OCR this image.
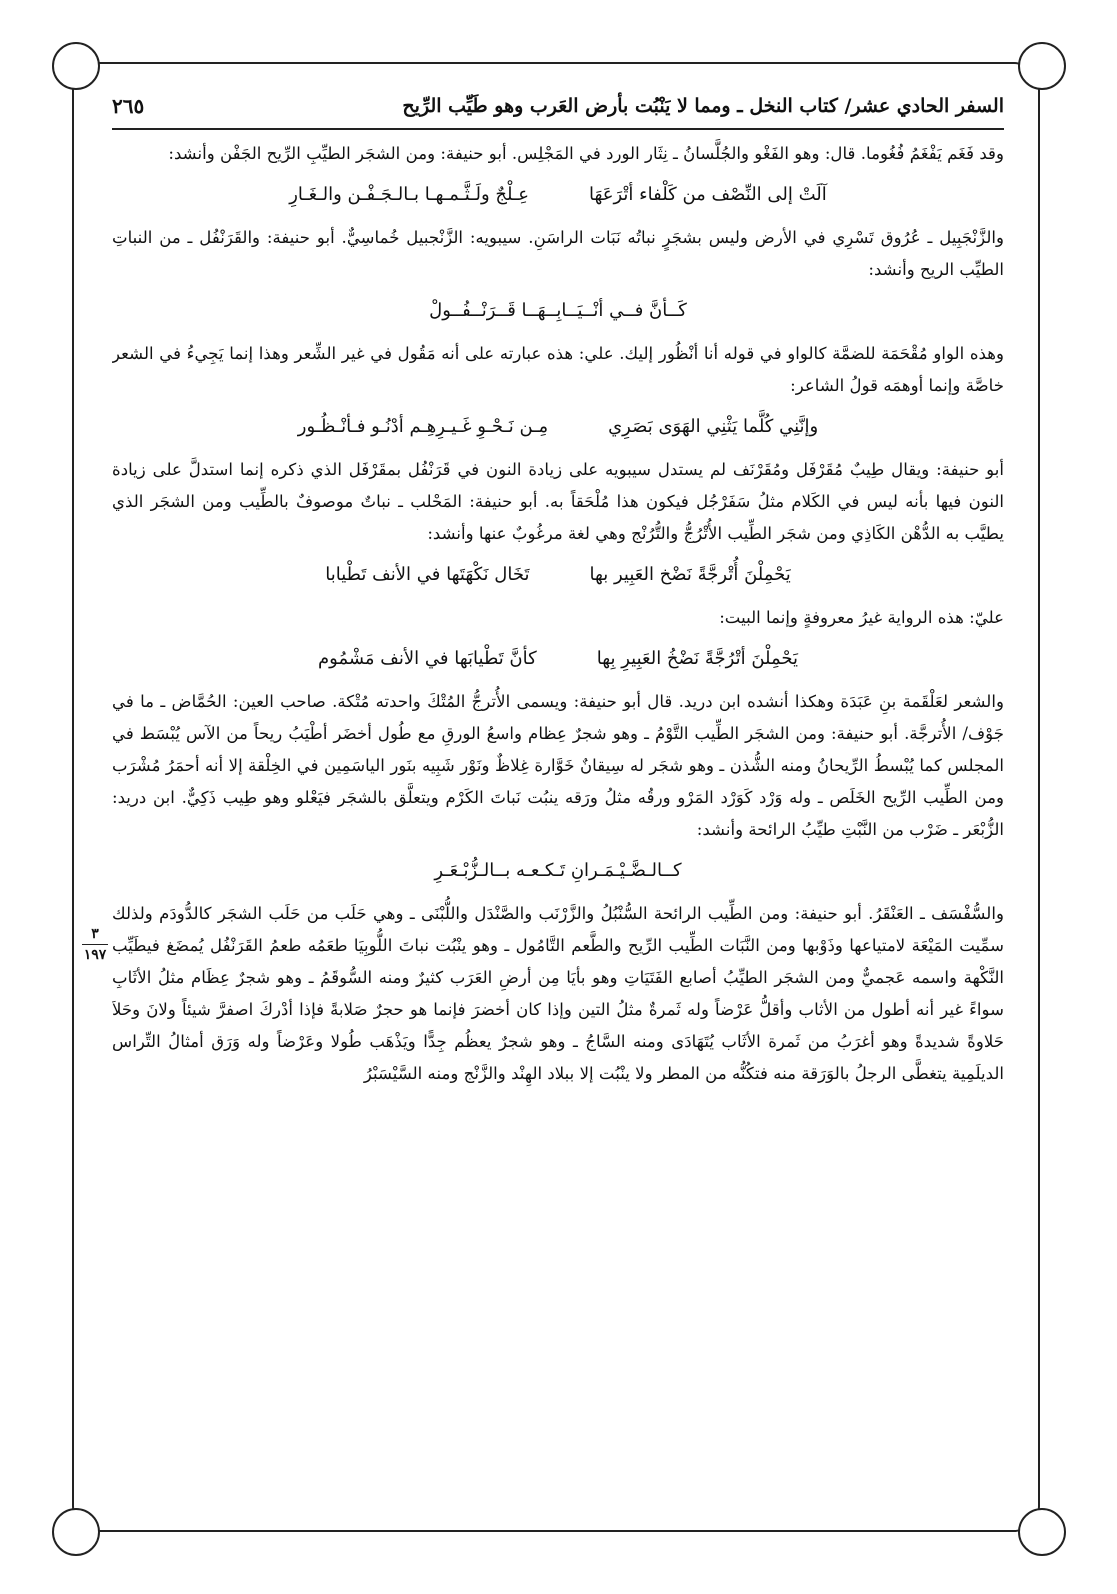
السفر الحادي عشر/ كتاب النخل ـ ومما لا يَنْبُت بأرض العَرب وهو طَيِّب الرِّيح
٢٦٥
٣
١٩٧

وقد فَغَم يَفْغَمُ فُغُوما. قال: وهو الفَغْو والجُلَّسانُ ـ نِثَار الورد في المَجْلِس. أبو حنيفة: ومن الشجَر الطيِّبِ الرِّيح الجَفْن وأنشد:

آلَتْ إلى النِّصْف من كَلْفاء أتْرَعَهَا
عِـلْجٌ ولَـثَّـمـهـا بـالـجَـفْـن والـغَـارِ

والزَّنْجَبِيل ـ عُرُوق تَسْرِي في الأرض وليس بشجَرٍ نباتُه نَبَات الراسَنِ. سيبويه: الزَّنْجبيل خُماسِيٌّ. أبو حنيفة: والقَرَنْفُل ـ من النباتِ الطيِّب الريح وأنشد:

كَــأنَّ فــي أنْــيَــابِــهَــا قَــرَنْــفُــولْ

وهذه الواو مُقْحَمَة للضمَّة كالواو في قوله أنا أنْظُور إليك. علي: هذه عبارته على أنه مَقُول في غير الشِّعر وهذا إنما يَجِيءُ في الشعر خاصَّة وإنما أوهمَه قولُ الشاعر:

وإنَّنِي كُلَّما يَثْنِي الهَوَى بَصَرِي
مِـن نَـحْـوِ غَـيـرِهِـم أدْنُـو فـأنْـظُـور

أبو حنيفة: ويقال طِيبٌ مُقَرْفَل ومُقَرْنَف لم يستدل سيبويه على زيادة النون في قَرَنْفُل بمقَرْفَل الذي ذكره إنما استدلَّ على زيادة النون فيها بأنه ليس في الكَلام مثلُ سَفَرْجُل فيكون هذا مُلْحَقاً به. أبو حنيفة: المَحْلب ـ نباتٌ موصوفٌ بالطِّيب ومن الشجَر الذي يطيَّب به الدُّهْن الكَاذِي ومن شجَر الطِّيب الأُتْرُجُّ والتُّرُنْج وهي لغة مرغُوبٌ عنها وأنشد:

يَحْمِلْنَ أُتْرجَّةً نَضْخ العَبِير بها
تَخَال نَكْهَتَها في الأنف تَطْيابا

عليّ: هذه الرواية غيرُ معروفةٍ وإنما البيت:

يَحْمِلْنَ أتْرُجَّةً نَضْخُ العَبِيرِ بِها
كأنَّ تَطْيابَها في الأنف مَشْمُوم

والشعر لعَلْقَمة بنِ عَبَدَة وهكذا أنشده ابن دريد. قال أبو حنيفة: ويسمى الأُترجُّ المُتْكَ واحدته مُتْكة. صاحب العين: الحُمَّاض ـ ما في جَوْف/ الأُترجَّة. أبو حنيفة: ومن الشجَر الطِّيب التَّوْمُ ـ وهو شجرٌ عِظام واسعُ الورقِ مع طُول أخضَر أطْيَبُ ريحاً من الآس يُبْسَط في المجلس كما يُبْسطُ الرِّيحانُ ومنه الشُّذن ـ وهو شجَر له سِيقانٌ خَوَّارة غِلاظٌ ونَوْر شَبِيه بنَور الياسَمِين في الخِلْقة إلا أنه أحمَرُ مُشْرَب ومن الطِّيب الرِّيح الخَلَص ـ وله وَرْد كَوَرْد المَرْو ورقُه مثلُ ورَقه ينبُت نَباتَ الكَرْم ويتعلَّق بالشجَر فيَعْلو وهو طِيب ذَكِيٌّ. ابن دريد: الزُّبْعَر ـ ضَرْب من النَّبْتِ طيِّبُ الرائحة وأنشد:

كــالـضَّـيْـمَـرانِ تَـكـعـه بــالـزُّبْـعَـرِ

والسُّفْسَف ـ العَنْقَرُ. أبو حنيفة: ومن الطِّيب الرائحة السُّنْبُلُ والزَّرْنَب والصَّنْدَل واللُّبْنَى ـ وهي حَلَب من حَلَب الشجَر كالدُّودَم ولذلك سمِّيت المَيْعَة لامتياعها وذَوْبها ومن النَّبَات الطِّيب الرِّيح والطَّعم التَّامُول ـ وهو ينْبُت نباتَ اللُّوبِيَا طعَمُه طعمُ القَرَنْفُل يُمضَغ فيطَيِّب النَّكْهة واسمه عَجميٌّ ومن الشجَر الطيِّبُ أصابع الفَتَيَاتِ وهو بأيَا مِن أرضِ العَرَب كثيرٌ ومنه السُّوقَمُ ـ وهو شجرٌ عِظَام مثلُ الأثَابِ سواءً غير أنه أطول من الأثاب وأقلُّ عَرْضاً وله ثَمرةٌ مثلُ التين وإذا كان أخضرَ فإنما هو حجرٌ صَلابةً فإذا أدْركَ اصفرَّ شيئاً ولانَ وحَلاَ حَلاوةً شديدةً وهو أغرَبُ من ثَمرة الأثَاب يُتَهَادَى ومنه السَّاجُ ـ وهو شجرٌ يعظُم جِدًّا ويَذْهَب طُولا وعَرْضاً وله وَرَق أمثالُ التِّراس الديلَمِية يتغطَّى الرجلُ بالوَرَقة منه فتكُنُّه من المطر ولا ينْبُت إلا ببلاد الهِنْد والزَّنْج ومنه السَّيْسَبْرُ
